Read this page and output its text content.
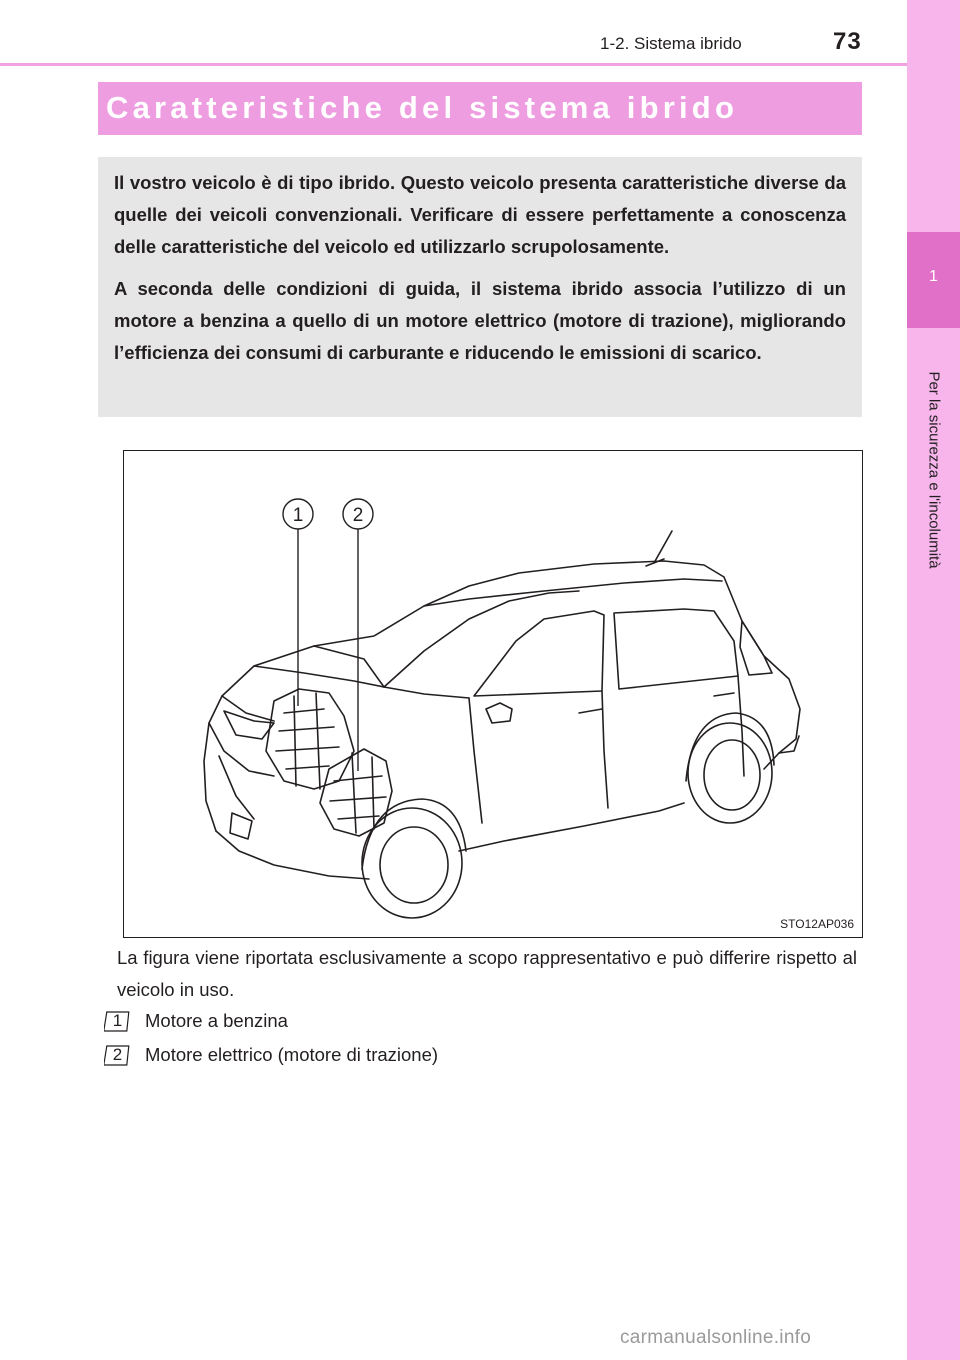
1-2. Sistema ibrido	73
1
Per la sicurezza e l'incolumità
Caratteristiche del sistema ibrido

Il vostro veicolo è di tipo ibrido. Questo veicolo presenta caratteristiche diverse da quelle dei veicoli convenzionali. Verificare di essere perfettamente a conoscenza delle caratteristiche del veicolo ed utilizzarlo scrupolosamente.

A seconda delle condizioni di guida, il sistema ibrido associa l’utilizzo di un motore a benzina a quello di un motore elettrico (motore di trazione), migliorando l’efficienza dei consumi di carburante e riducendo le emissioni di scarico.

1	2
STO12AP036
La figura viene riportata esclusivamente a scopo rappresentativo e può differire rispetto al veicolo in uso.
1	Motore a benzina
2	Motore elettrico (motore di trazione)
carmanualsonline.info
